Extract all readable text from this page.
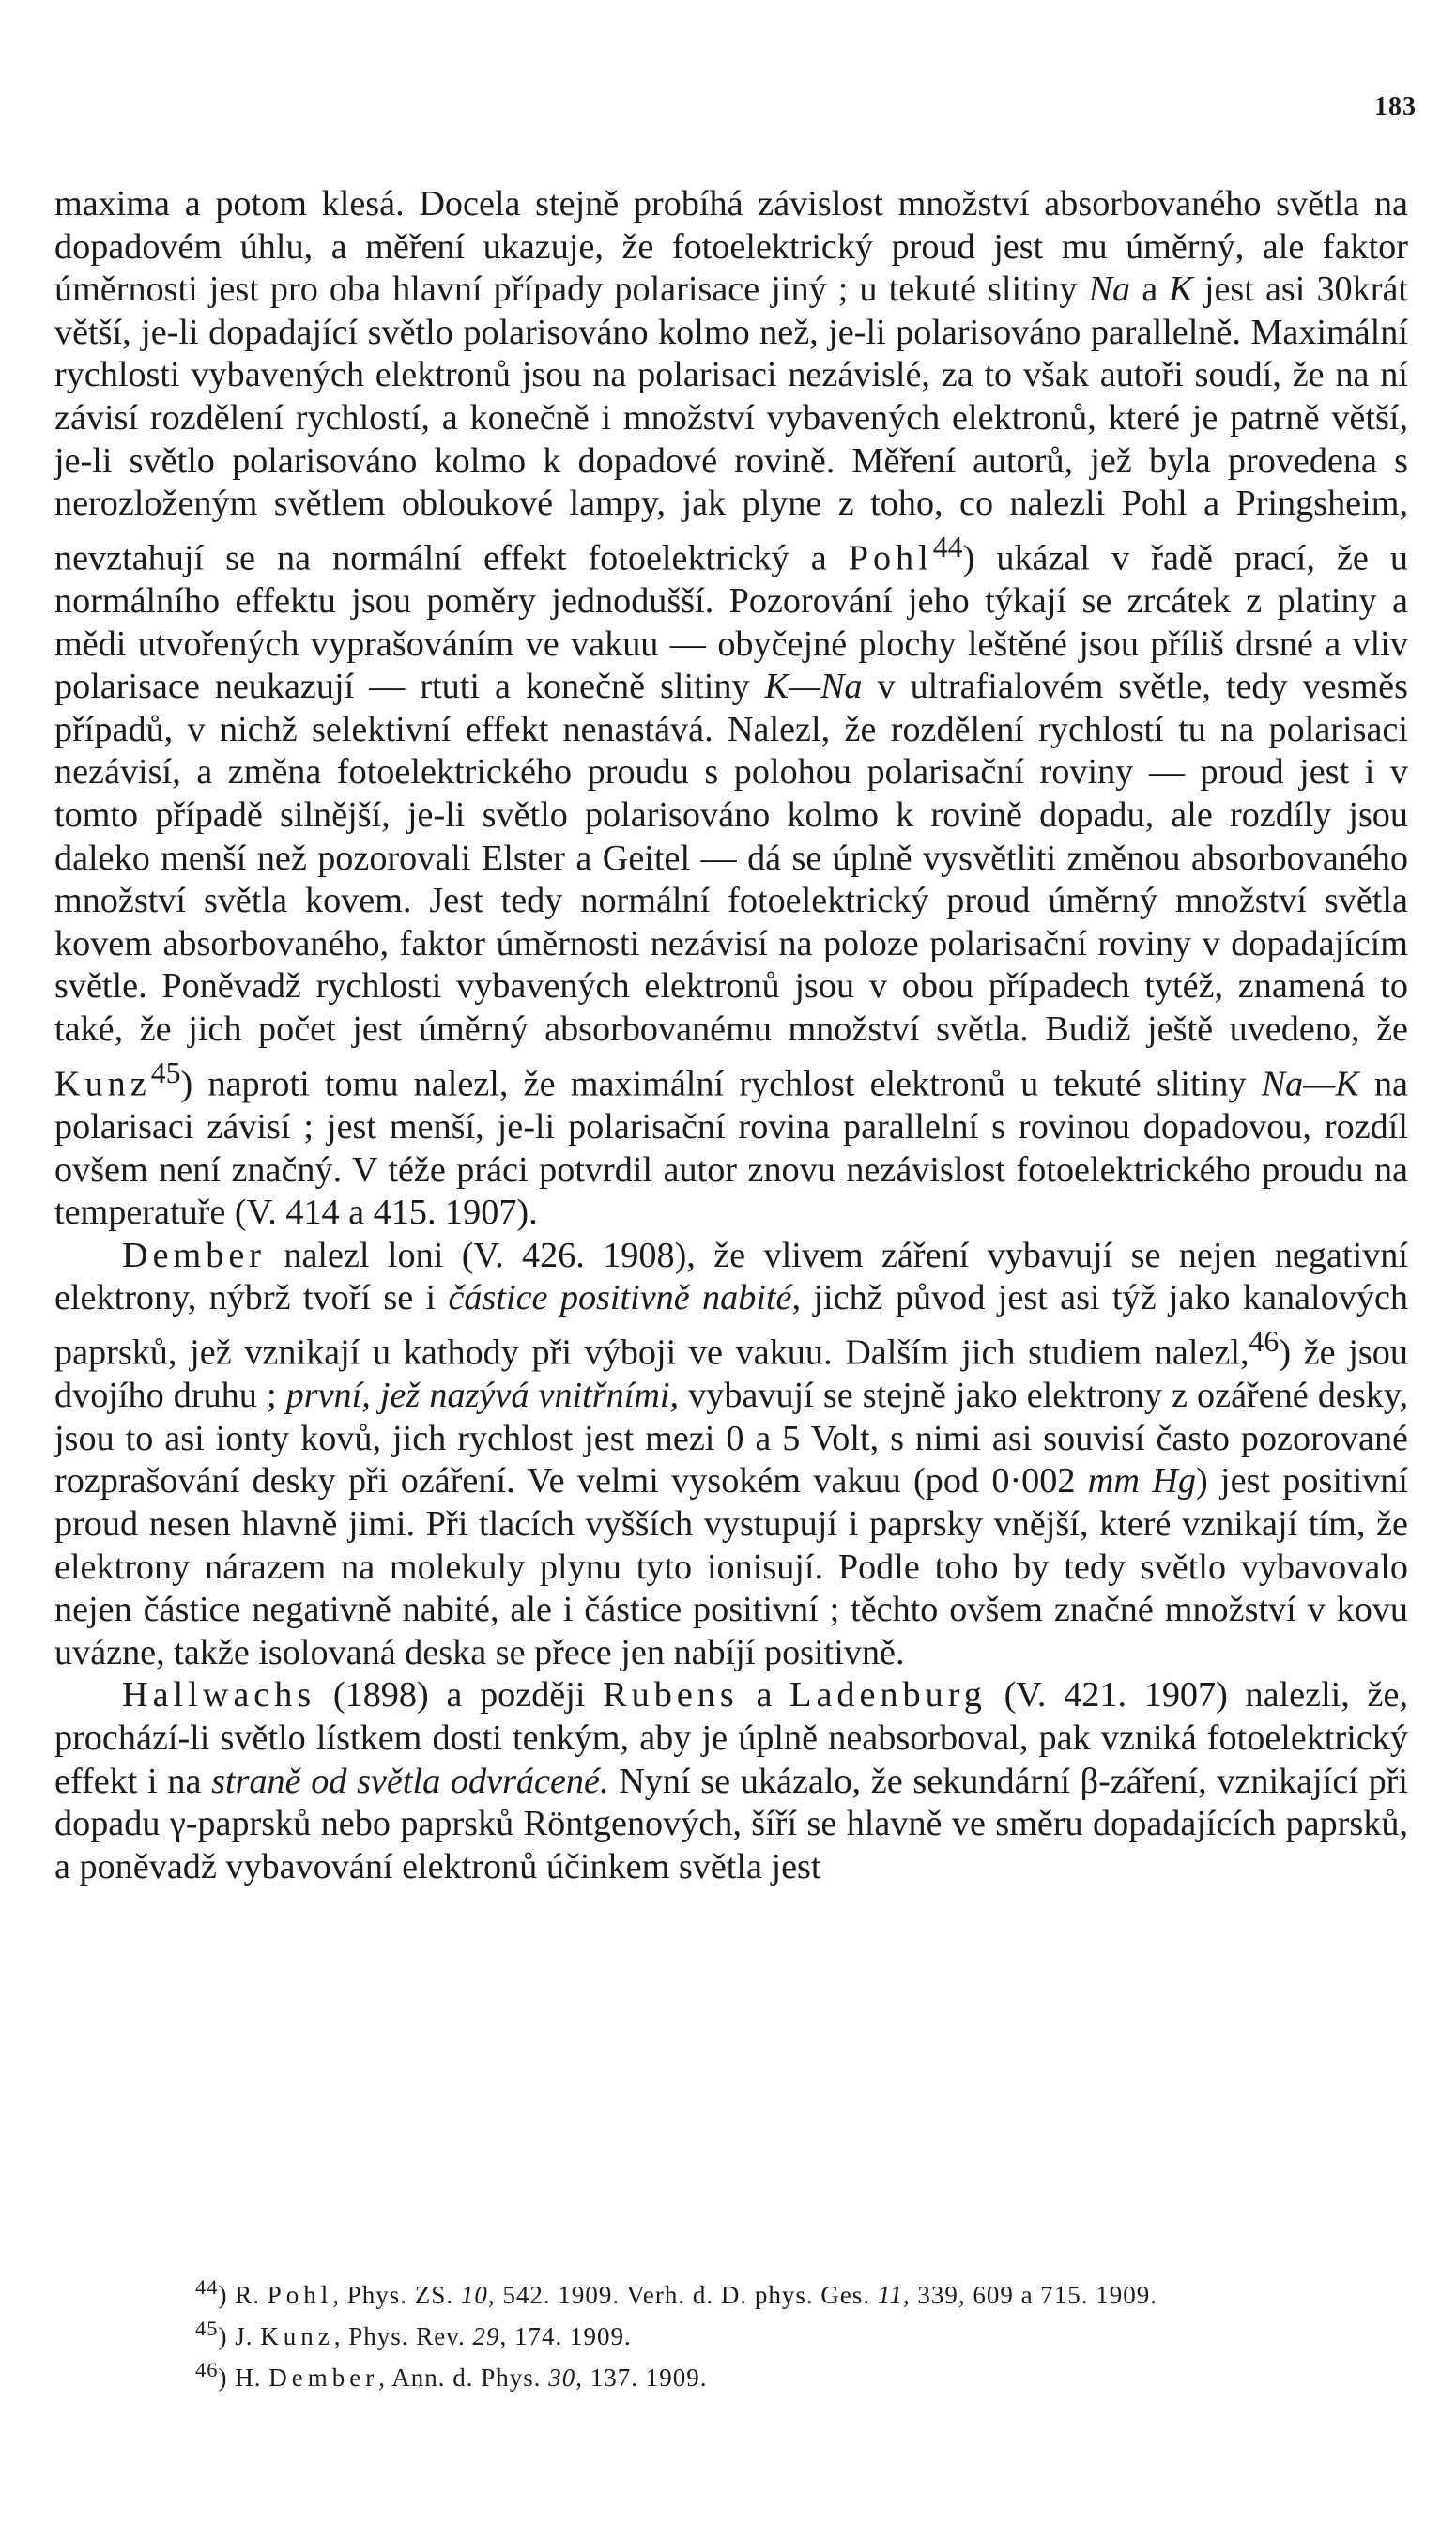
183

maxima a potom klesá. Docela stejně probíhá závislost množství absorbovaného světla na dopadovém úhlu, a měření ukazuje, že fotoelektrický proud jest mu úměrný, ale faktor úměrnosti jest pro oba hlavní případy polarisace jiný ; u tekuté slitiny Na a K jest asi 30krát větší, je-li dopadající světlo polarisováno kolmo než, je-li polarisováno parallelně. Maximální rychlosti vybavených elektronů jsou na polarisaci nezávislé, za to však autoři soudí, že na ní závisí rozdělení rychlostí, a konečně i množství vybavených elektronů, které je patrně větší, je-li světlo polarisováno kolmo k dopadové rovině. Měření autorů, jež byla provedena s nerozloženým světlem obloukové lampy, jak plyne z toho, co nalezli Pohl a Pringsheim, nevztahují se na normální effekt fotoelektrický a Pohl$^{44}$) ukázal v řadě prací, že u normálního effektu jsou poměry jednodušší. Pozorování jeho týkají se zrcátek z platiny a mědi utvořených vyprašováním ve vakuu — obyčejné plochy leštěné jsou příliš drsné a vliv polarisace neukazují — rtuti a konečně slitiny K—Na v ultrafialovém světle, tedy vesměs případů, v nichž selektivní effekt nenastává. Nalezl, že rozdělení rychlostí tu na polarisaci nezávisí, a změna fotoelektrického proudu s polohou polarisační roviny — proud jest i v tomto případě silnější, je-li světlo polarisováno kolmo k rovině dopadu, ale rozdíly jsou daleko menší než pozorovali Elster a Geitel — dá se úplně vysvětliti změnou absorbovaného množství světla kovem. Jest tedy normální fotoelektrický proud úměrný množství světla kovem absorbovaného, faktor úměrnosti nezávisí na poloze polarisační roviny v dopadajícím světle. Poněvadž rychlosti vybavených elektronů jsou v obou případech tytéž, znamená to také, že jich počet jest úměrný absorbovanému množství světla. Budiž ještě uvedeno, že Kunz$^{45}$) naproti tomu nalezl, že maximální rychlost elektronů u tekuté slitiny Na—K na polarisaci závisí ; jest menší, je-li polarisační rovina parallelní s rovinou dopadovou, rozdíl ovšem není značný. V téže práci potvrdil autor znovu nezávislost fotoelektrického proudu na temperatuře (V. 414 a 415. 1907).

Dember nalezl loni (V. 426. 1908), že vlivem záření vybavují se nejen negativní elektrony, nýbrž tvoří se i částice positivně nabité, jichž původ jest asi týž jako kanalových paprsků, jež vznikají u kathody při výboji ve vakuu. Dalším jich studiem nalezl,$^{46}$) že jsou dvojího druhu ; první, jež nazývá vnitřními, vybavují se stejně jako elektrony z ozářené desky, jsou to asi ionty kovů, jich rychlost jest mezi 0 a 5 Volt, s nimi asi souvisí často pozorované rozprašování desky při ozáření. Ve velmi vysokém vakuu (pod 0·002 mm Hg) jest positivní proud nesen hlavně jimi. Při tlacích vyšších vystupují i paprsky vnější, které vznikají tím, že elektrony nárazem na molekuly plynu tyto ionisují. Podle toho by tedy světlo vybavovalo nejen částice negativně nabité, ale i částice positivní ; těchto ovšem značné množství v kovu uvázne, takže isolovaná deska se přece jen nabíjí positivně.

Hallwachs (1898) a později Rubens a Ladenburg (V. 421. 1907) nalezli, že, prochází-li světlo lístkem dosti tenkým, aby je úplně neabsorboval, pak vzniká fotoelektrický effekt i na straně od světla odvrácené. Nyní se ukázalo, že sekundární β-záření, vznikající při dopadu γ-paprsků nebo paprsků Röntgenových, šíří se hlavně ve směru dopadajících paprsků, a poněvadž vybavování elektronů účinkem světla jest

$^{44}$) R. Pohl, Phys. ZS. 10, 542. 1909. Verh. d. D. phys. Ges. 11, 339, 609 a 715. 1909.

$^{45}$) J. Kunz, Phys. Rev. 29, 174. 1909.

$^{46}$) H. Dember, Ann. d. Phys. 30, 137. 1909.
